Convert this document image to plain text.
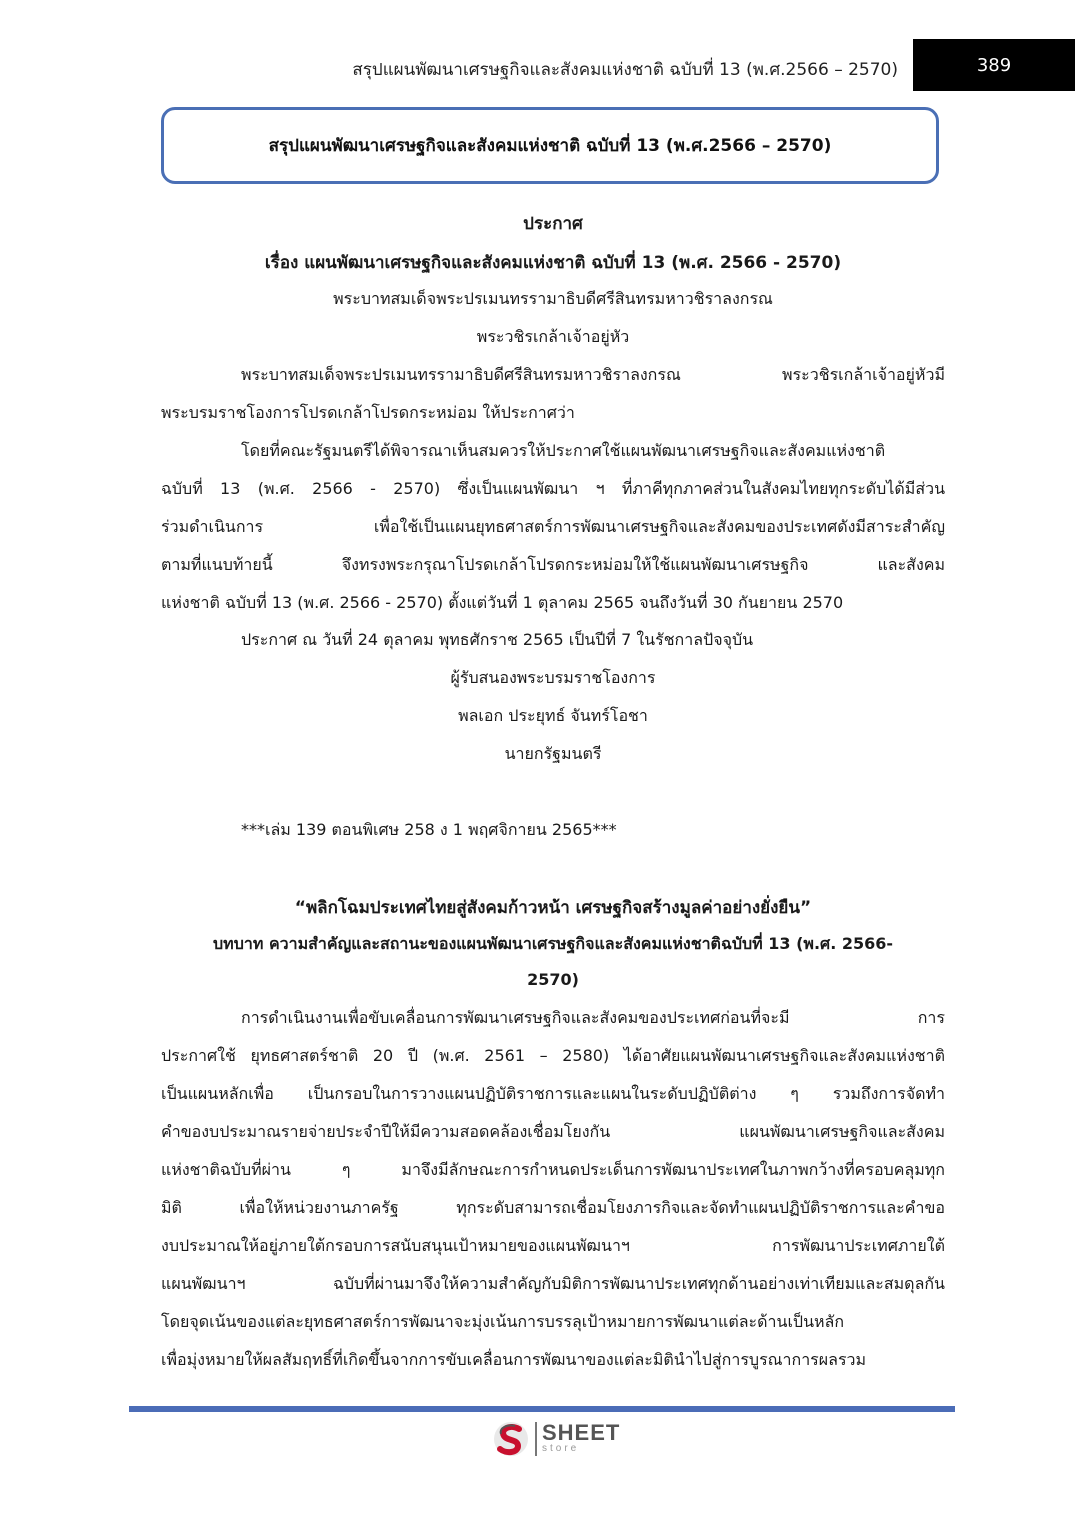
สรุปแผนพัฒนาเศรษฐกิจและสังคมแห่งชาติ ฉบับที่ 13 (พ.ศ.2566 – 2570)	389
สรุปแผนพัฒนาเศรษฐกิจและสังคมแห่งชาติ ฉบับที่ 13 (พ.ศ.2566 – 2570)
ประกาศ
เรื่อง แผนพัฒนาเศรษฐกิจและสังคมแห่งชาติ ฉบับที่ 13 (พ.ศ. 2566 - 2570)
พระบาทสมเด็จพระปรเมนทรรามาธิบดีศรีสินทรมหาวชิราลงกรณ
พระวชิรเกล้าเจ้าอยู่หัว
พระบาทสมเด็จพระปรเมนทรรามาธิบดีศรีสินทรมหาวชิราลงกรณ พระวชิรเกล้าเจ้าอยู่หัวมี
พระบรมราชโองการโปรดเกล้าโปรดกระหม่อม ให้ประกาศว่า
โดยที่คณะรัฐมนตรีได้พิจารณาเห็นสมควรให้ประกาศใช้แผนพัฒนาเศรษฐกิจและสังคมแห่งชาติ
ฉบับที่ 13 (พ.ศ. 2566 - 2570) ซึ่งเป็นแผนพัฒนา ฯ ที่ภาคีทุกภาคส่วนในสังคมไทยทุกระดับได้มีส่วน
ร่วมดำเนินการ เพื่อใช้เป็นแผนยุทธศาสตร์การพัฒนาเศรษฐกิจและสังคมของประเทศดังมีสาระสำคัญ
ตามที่แนบท้ายนี้ จึงทรงพระกรุณาโปรดเกล้าโปรดกระหม่อมให้ใช้แผนพัฒนาเศรษฐกิจ และสังคม
แห่งชาติ ฉบับที่ 13 (พ.ศ. 2566 - 2570) ตั้งแต่วันที่ 1 ตุลาคม 2565 จนถึงวันที่ 30 กันยายน 2570
ประกาศ ณ วันที่ 24 ตุลาคม พุทธศักราช 2565 เป็นปีที่ 7 ในรัชกาลปัจจุบัน
ผู้รับสนองพระบรมราชโองการ
พลเอก ประยุทธ์ จันทร์โอชา
นายกรัฐมนตรี
***เล่ม 139 ตอนพิเศษ 258 ง 1 พฤศจิกายน 2565***
“พลิกโฉมประเทศไทยสู่สังคมก้าวหน้า เศรษฐกิจสร้างมูลค่าอย่างยั่งยืน”
บทบาท ความสำคัญและสถานะของแผนพัฒนาเศรษฐกิจและสังคมแห่งชาติฉบับที่ 13 (พ.ศ. 2566-
2570)
การดำเนินงานเพื่อขับเคลื่อนการพัฒนาเศรษฐกิจและสังคมของประเทศก่อนที่จะมี การ
ประกาศใช้ ยุทธศาสตร์ชาติ 20 ปี (พ.ศ. 2561 – 2580) ได้อาศัยแผนพัฒนาเศรษฐกิจและสังคมแห่งชาติ
เป็นแผนหลักเพื่อ เป็นกรอบในการวางแผนปฏิบัติราชการและแผนในระดับปฏิบัติต่าง ๆ รวมถึงการจัดทำ
คำของบประมาณรายจ่ายประจำปีให้มีความสอดคล้องเชื่อมโยงกัน แผนพัฒนาเศรษฐกิจและสังคม
แห่งชาติฉบับที่ผ่าน ๆ มาจึงมีลักษณะการกำหนดประเด็นการพัฒนาประเทศในภาพกว้างที่ครอบคลุมทุก
มิติ เพื่อให้หน่วยงานภาครัฐ ทุกระดับสามารถเชื่อมโยงภารกิจและจัดทำแผนปฏิบัติราชการและคำขอ
งบประมาณให้อยู่ภายใต้กรอบการสนับสนุนเป้าหมายของแผนพัฒนาฯ การพัฒนาประเทศภายใต้
แผนพัฒนาฯ ฉบับที่ผ่านมาจึงให้ความสำคัญกับมิติการพัฒนาประเทศทุกด้านอย่างเท่าเทียมและสมดุลกัน
โดยจุดเน้นของแต่ละยุทธศาสตร์การพัฒนาจะมุ่งเน้นการบรรลุเป้าหมายการพัฒนาแต่ละด้านเป็นหลัก
เพื่อมุ่งหมายให้ผลสัมฤทธิ์ที่เกิดขึ้นจากการขับเคลื่อนการพัฒนาของแต่ละมิตินำไปสู่การบูรณาการผลรวม
SHEET
store
